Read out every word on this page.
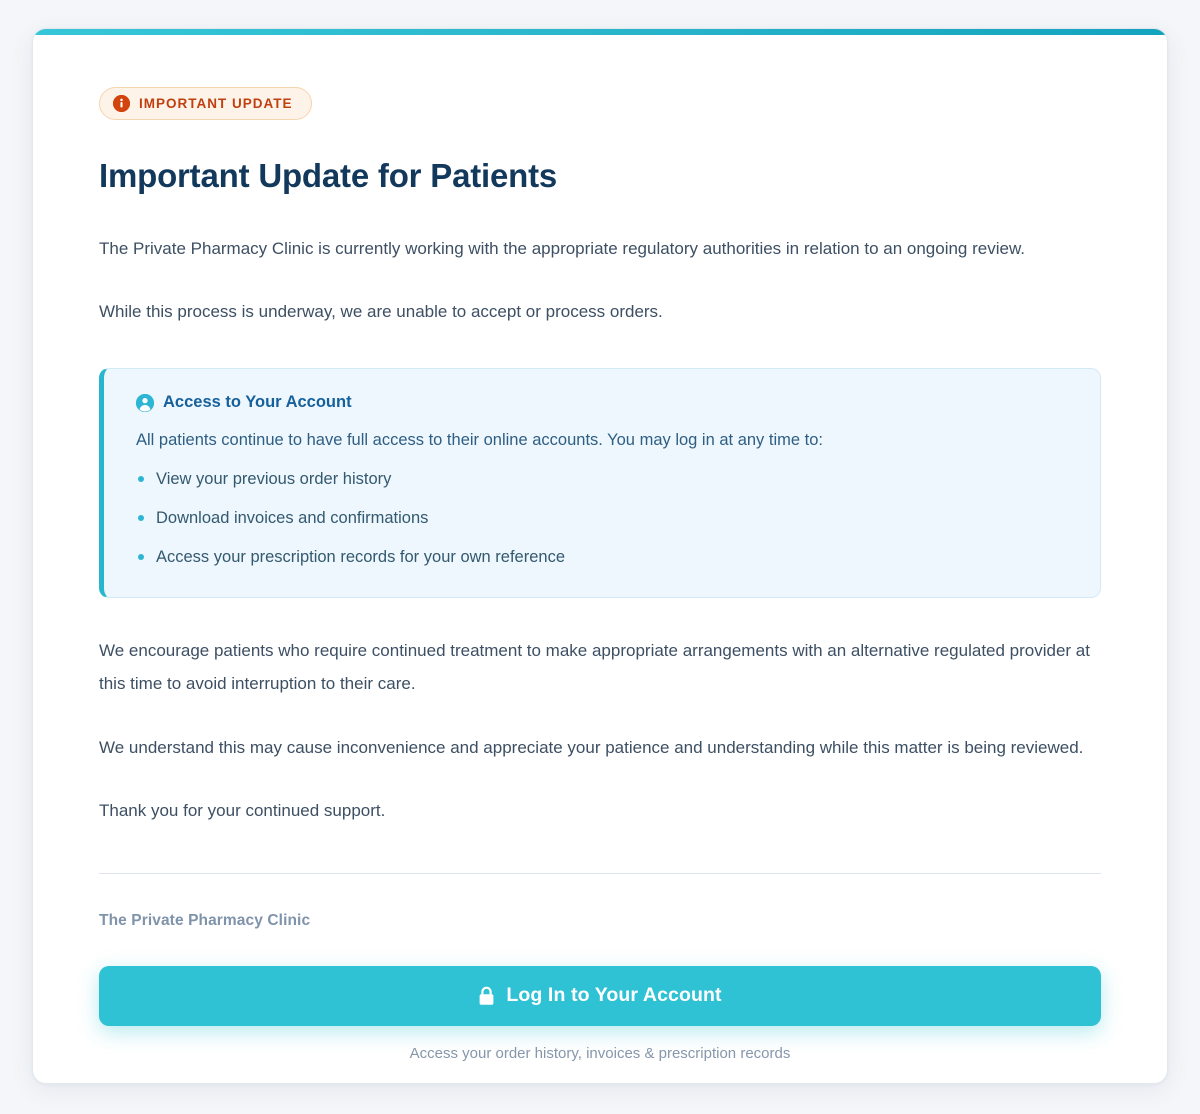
IMPORTANT UPDATE
Important Update for Patients

The Private Pharmacy Clinic is currently working with the appropriate regulatory authorities in relation to an ongoing review.

While this process is underway, we are unable to accept or process orders.

Access to Your Account

All patients continue to have full access to their online accounts. You may log in at any time to:

View your previous order history
Download invoices and confirmations
Access your prescription records for your own reference

We encourage patients who require continued treatment to make appropriate arrangements with an alternative regulated provider at this time to avoid interruption to their care.

We understand this may cause inconvenience and appreciate your patience and understanding while this matter is being reviewed.

Thank you for your continued support.

The Private Pharmacy Clinic

Log In to Your Account

Access your order history, invoices & prescription records
